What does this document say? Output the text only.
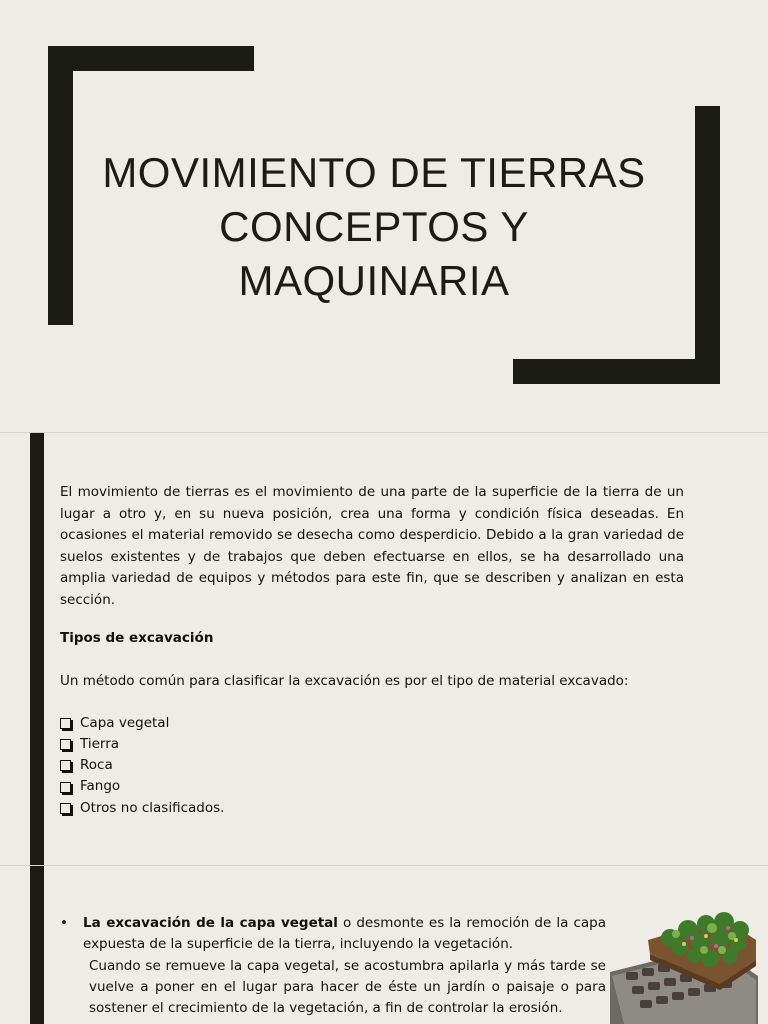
MOVIMIENTO DE TIERRAS
CONCEPTOS Y
MAQUINARIA
El movimiento de tierras es el movimiento de una parte de la superficie de la tierra de un lugar a otro y, en su nueva posición, crea una forma y condición física deseadas. En ocasiones el material removido se desecha como desperdicio. Debido a la gran variedad de suelos existentes y de trabajos que deben efectuarse en ellos, se ha desarrollado una amplia variedad de equipos y métodos para este fin, que se describen y analizan en esta sección.
Tipos de excavación
Un método común para clasificar la excavación es por el tipo de material excavado:
Capa vegetal
Tierra
Roca
Fango
Otros no clasificados.
• La excavación de la capa vegetal o desmonte es la remoción de la capa expuesta de la superficie de la tierra, incluyendo la vegetación.
Cuando se remueve la capa vegetal, se acostumbra apilarla y más tarde se vuelve a poner en el lugar para hacer de éste un jardín o paisaje o para sostener el crecimiento de la vegetación, a fin de controlar la erosión.
